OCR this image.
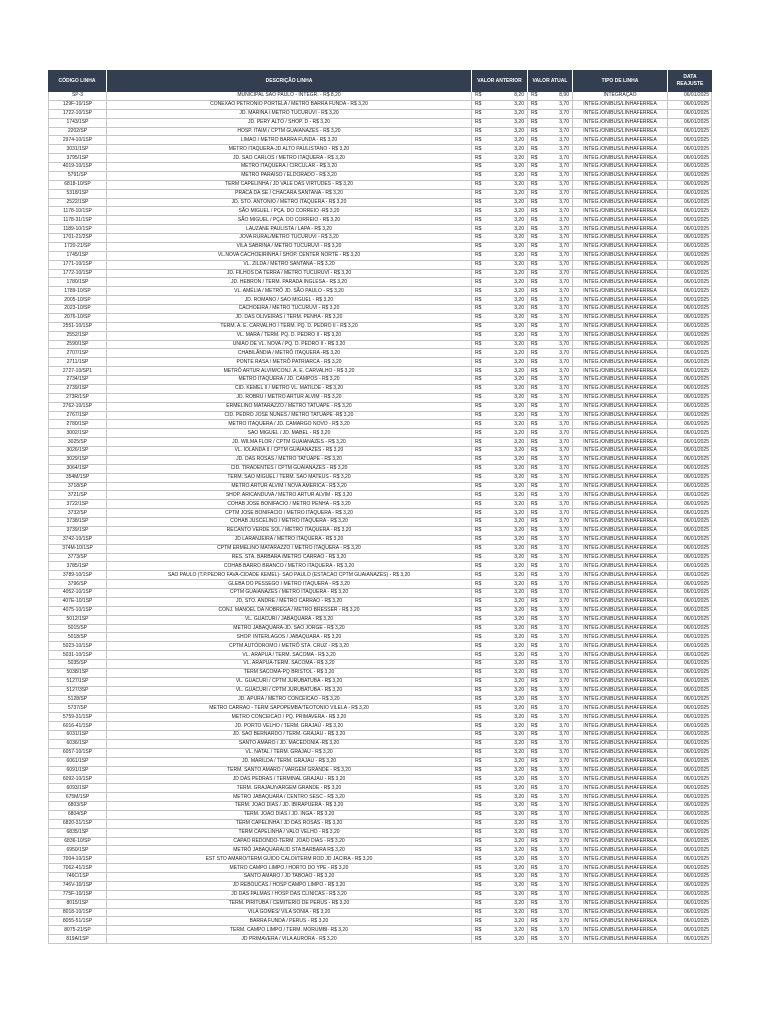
CÓDIGO LINHA	DESCRIÇÃO LINHA	VALOR ANTERIOR	VALOR ATUAL	TIPO DE LINHA
DATA
REAJUSTE
SP-3	MUNICIPAL SÃO PAULO - INTEGR. - R$ 8,20	R$	8,20 R$	8,90	INTEGRAÇÃO	06/01/2025
129F-10/1SP	CONEXAO PETRONIO PORTELA / METRO BARRA FUNDA - R$ 3,20	R$	3,20 R$	3,70	INTEG./ONIBUS/LINHAFERREA	06/01/2025
1722-10/1SP	JD. MARINA / METRÔ TUCURUVI - R$ 3,20	R$	3,20 R$	3,70	INTEG./ONIBUS/LINHAFERREA	06/01/2025
1743/1SP	JD. PERY ALTO / SHOP. D - R$ 3,20	R$	3,20 R$	3,70	INTEG./ONIBUS/LINHAFERREA	06/01/2025
2202/SP	HOSP. ITAIM / CPTM GUAIANAZES - R$ 3,20	R$	3,20 R$	3,70	INTEG./ONIBUS/LINHAFERREA	06/01/2025
2974-10/1SP	LIMAO / METRO BARRA FUNDA - R$ 3,20	R$	3,20 R$	3,70	INTEG./ONIBUS/LINHAFERREA	06/01/2025
3031/1SP	METRO ITAQUERA-JD ALTO PAULISTANO - R$ 3,20	R$	3,20 R$	3,70	INTEG./ONIBUS/LINHAFERREA	06/01/2025
3795/1SP	JD. SAO CARLOS / METRO ITAQUERA - R$ 3,20	R$	3,20 R$	3,70	INTEG./ONIBUS/LINHAFERREA	06/01/2025
4019-10/1SP	METRÔ ITAQUERA / CIRCULAR - R$ 3,20	R$	3,20 R$	3,70	INTEG./ONIBUS/LINHAFERREA	06/01/2025
5791/SP	METRO PARAISO / ELDORADO - R$ 3,20	R$	3,20 R$	3,70	INTEG./ONIBUS/LINHAFERREA	06/01/2025
6818-10/SP	TERM CAPELINHA / JD VALE DAS VIRTUDES - R$ 3,20	R$	3,20 R$	3,70	INTEG./ONIBUS/LINHAFERREA	06/01/2025
5318/1SP	PRACA DA SE / CHACARA SANTANA - R$ 3,20	R$	3,20 R$	3,70	INTEG./ONIBUS/LINHAFERREA	06/01/2025
2522/1SP	JD. STO. ANTONIO / METRO ITAQUERA - R$ 3,20	R$	3,20 R$	3,70	INTEG./ONIBUS/LINHAFERREA	06/01/2025
1178-10/1SP	SÃO MIGUEL / PÇA. DO CORREIO -R$ 3,20	R$	3,20 R$	3,70	INTEG./ONIBUS/LINHAFERREA	06/01/2025
1178-31/1SP	SÃO MIGUEL / PÇA. DO CORREIO - R$ 3,20	R$	3,20 R$	3,70	INTEG./ONIBUS/LINHAFERREA	06/01/2025
1189-10/1SP	LAUZANE PAULISTA / LAPA - R$ 3,20	R$	3,20 R$	3,70	INTEG./ONIBUS/LINHAFERREA	06/01/2025
1701-21/2SP	JOVA RURAL/METRO TUCURUVI - R$ 3,20	R$	3,20 R$	3,70	INTEG./ONIBUS/LINHAFERREA	06/01/2025
1720-21/SP	VILA SABRINA / METRÔ TUCURUVI - R$ 3,20	R$	3,20 R$	3,70	INTEG./ONIBUS/LINHAFERREA	06/01/2025
1745/1SP	VL.NOVA CACHOEIRINHA / SHOP. CENTER NORTE - R$ 3,20	R$	3,20 R$	3,70	INTEG./ONIBUS/LINHAFERREA	06/01/2025
1771-10/1SP	VL. ZILDA / METRO SANTANA - R$ 3,20	R$	3,20 R$	3,70	INTEG./ONIBUS/LINHAFERREA	06/01/2025
1772-10/1SP	JD. FILHOS DA TERRA / METRÔ TUCURUVI - R$ 3,20	R$	3,20 R$	3,70	INTEG./ONIBUS/LINHAFERREA	06/01/2025
1780/1SP	JD. HEBRON / TERM. PARADA INGLESA - R$ 3,20	R$	3,20 R$	3,70	INTEG./ONIBUS/LINHAFERREA	06/01/2025
1789-10/SP	VL. AMÉLIA / METRÔ JD. SÃO PAULO - R$ 3,20	R$	3,20 R$	3,70	INTEG./ONIBUS/LINHAFERREA	06/01/2025
2005-10/SP	JD. ROMANO / SAO MIGUEL - R$ 3,20	R$	3,20 R$	3,70	INTEG./ONIBUS/LINHAFERREA	06/01/2025
2023-10/SP	CACHOEIRA / METRÔ TUCURUVI - R$ 3,20	R$	3,20 R$	3,70	INTEG./ONIBUS/LINHAFERREA	06/01/2025
2076-10/SP	JD. DAS OLIVEIRAS / TERM. PENHA - R$ 3,20	R$	3,20 R$	3,70	INTEG./ONIBUS/LINHAFERREA	06/01/2025
2551-10/1SP	TERM. A. E. CARVALHO / TERM. PQ. D. PEDRO II - R$ 3,20	R$	3,20 R$	3,70	INTEG./ONIBUS/LINHAFERREA	06/01/2025
2552/1SP	VL. MARA / TERM. PQ. D. PEDRO II - R$ 3,20	R$	3,20 R$	3,70	INTEG./ONIBUS/LINHAFERREA	06/01/2025
2590/1SP	UNIAO DE VL. NOVA / PQ. D. PEDRO II - R$ 3,20	R$	3,20 R$	3,70	INTEG./ONIBUS/LINHAFERREA	06/01/2025
2707/1SP	CHABILÂNDIA / METRÔ ITAQUERA -R$ 3,20	R$	3,20 R$	3,70	INTEG./ONIBUS/LINHAFERREA	06/01/2025
2711/1SP	PONTE RASA / METRÔ PATRIARCA - R$ 3,20	R$	3,20 R$	3,70	INTEG./ONIBUS/LINHAFERREA	06/01/2025
2727-10/SP1	METRÔ ARTUR ALVIM/CONJ. A. E. CARVALHO - R$ 3,20	R$	3,20 R$	3,70	INTEG./ONIBUS/LINHAFERREA	06/01/2025
2734/1SP	METRO ITAQUERA / JD. CAMPOS - R$ 3,20	R$	3,20 R$	3,70	INTEG./ONIBUS/LINHAFERREA	06/01/2025
2739/1SP	CID. KEMEL II / METRO VL. MATILDE - R$ 3,20	R$	3,20 R$	3,70	INTEG./ONIBUS/LINHAFERREA	06/01/2025
273R/1SP	JD. ROBRU / METRÔ ARTUR ALVIM - R$ 3,20	R$	3,20 R$	3,70	INTEG./ONIBUS/LINHAFERREA	06/01/2025
2762-10/1SP	ERMELINO MATARAZZO / METRO TATUAPE - R$ 3,20	R$	3,20 R$	3,70	INTEG./ONIBUS/LINHAFERREA	06/01/2025
2767/1SP	CID. PEDRO JOSÉ NUNES / METRÔ TATUAPÉ -R$ 3,20	R$	3,20 R$	3,70	INTEG./ONIBUS/LINHAFERREA	06/01/2025
2780/1SP	METRO ITAQUERA / JD. CAMARGO NOVO - R$ 3,20	R$	3,20 R$	3,70	INTEG./ONIBUS/LINHAFERREA	06/01/2025
3002/1SP	SAO MIGUEL / JD. MABEL - R$ 3,20	R$	3,20 R$	3,70	INTEG./ONIBUS/LINHAFERREA	06/01/2025
3025/SP	JD. WILMA FLOR / CPTM GUAIANAZES - R$ 3,20	R$	3,20 R$	3,70	INTEG./ONIBUS/LINHAFERREA	06/01/2025
3026/1SP	VL. IOLANDA II / CPTM GUAIANAZES - R$ 3,20	R$	3,20 R$	3,70	INTEG./ONIBUS/LINHAFERREA	06/01/2025
3029/1SP	JD. DAS ROSAS / METRO TATUAPE - R$ 3,20	R$	3,20 R$	3,70	INTEG./ONIBUS/LINHAFERREA	06/01/2025
3064/1SP	CID. TIRADENTES / CPTM GUAIANAZES - R$ 3,20	R$	3,20 R$	3,70	INTEG./ONIBUS/LINHAFERREA	06/01/2025
354M/1SP	TERM. SAO MIGUEL / TERM. SAO MATEUS - R$ 3,20	R$	3,20 R$	3,70	INTEG./ONIBUS/LINHAFERREA	06/01/2025
3718/SP	METRÔ ARTUR ALVIM / NOVA AMERICA - R$ 3,20	R$	3,20 R$	3,70	INTEG./ONIBUS/LINHAFERREA	06/01/2025
3721/SP	SHOP. ARICANDUVA / METRO ARTUR ALVIM - R$ 3,20	R$	3,20 R$	3,70	INTEG./ONIBUS/LINHAFERREA	06/01/2025
3722/1SP	COHAB JOSE BONIFACIO / METRO PENHA - R$ 3,20	R$	3,20 R$	3,70	INTEG./ONIBUS/LINHAFERREA	06/01/2025
3732/SP	CPTM JOSE BONIFACIO / METRO ITAQUERA - R$ 3,20	R$	3,20 R$	3,70	INTEG./ONIBUS/LINHAFERREA	06/01/2025
3738/1SP	COHAB JUSCELINO / METRO ITAQUERA - R$ 3,20	R$	3,20 R$	3,70	INTEG./ONIBUS/LINHAFERREA	06/01/2025
3739/1SP	RECANTO VERDE SOL / METRO ITAQUERA - R$ 3,20	R$	3,20 R$	3,70	INTEG./ONIBUS/LINHAFERREA	06/01/2025
3742-10/1SP	JD LARANJEIRA / METRO ITAQUERA - R$ 3,20	R$	3,20 R$	3,70	INTEG./ONIBUS/LINHAFERREA	06/01/2025
374M-10/1SP	CPTM ERMELINO MATARAZZO / METRO ITAQUERA - R$ 3,20	R$	3,20 R$	3,70	INTEG./ONIBUS/LINHAFERREA	06/01/2025
3773/SP	RES. STA. BÁRBARA /METRÔ CARRÃO - R$ 3,20	R$	3,20 R$	3,70	INTEG./ONIBUS/LINHAFERREA	06/01/2025
3785/1SP	COHAB BARRO BRANCO / METRO ITAQUERA - R$ 3,20	R$	3,20 R$	3,70	INTEG./ONIBUS/LINHAFERREA	06/01/2025
3789-10/1SP	SAO PAULO (T.P.PEDRO FAVA-CIDADE KEMEL)- SAO PAULO (ESTACAO CPTM GUAIANAZES) - R$ 3,20	R$	3,20 R$	3,70	INTEG./ONIBUS/LINHAFERREA	06/01/2025
3796/SP	GLEBA DO PESSEGO / METRO ITAQUERA - R$ 3,20	R$	3,20 R$	3,70	INTEG./ONIBUS/LINHAFERREA	06/01/2025
4052-10/1SP	CPTM GUAIANAZES / METRÔ ITAQUERA - R$ 3,20	R$	3,20 R$	3,70	INTEG./ONIBUS/LINHAFERREA	06/01/2025
407E-10/1SP	JD. STO. ANDRE / METRO CARRAO - R$ 3,20	R$	3,20 R$	3,70	INTEG./ONIBUS/LINHAFERREA	06/01/2025
4075-10/1SP	CONJ. MANOEL DA NOBREGA / METRO BRESSER - R$ 3,20	R$	3,20 R$	3,70	INTEG./ONIBUS/LINHAFERREA	06/01/2025
5012/1SP	VL. GUACURI / JABAQUARA - R$ 3,20	R$	3,20 R$	3,70	INTEG./ONIBUS/LINHAFERREA	06/01/2025
5015/SP	METRO JABAQUARA-JD. SAO JORGE - R$ 3,20	R$	3,20 R$	3,70	INTEG./ONIBUS/LINHAFERREA	06/01/2025
5018/SP	SHOP. INTERLAGOS / JABAQUARA - R$ 3,20	R$	3,20 R$	3,70	INTEG./ONIBUS/LINHAFERREA	06/01/2025
5023-10/1SP	CPTM AUTÓDROMO / METRÔ STA. CRUZ - R$ 3,20	R$	3,20 R$	3,70	INTEG./ONIBUS/LINHAFERREA	06/01/2025
5031-10/1SP	VL. ARAPUA / TERM. SACOMA - R$ 3,20	R$	3,20 R$	3,70	INTEG./ONIBUS/LINHAFERREA	06/01/2025
5035/SP	VL. ARAPUA-TERM. SACOMA - R$ 3,20	R$	3,20 R$	3,70	INTEG./ONIBUS/LINHAFERREA	06/01/2025
5038/1SP	TERM SACOMA-PQ BRISTOL - R$ 3,20	R$	3,20 R$	3,70	INTEG./ONIBUS/LINHAFERREA	06/01/2025
5127/1SP	VL. GUACURI / CPTM JURUBATUBA - R$ 3,20	R$	3,20 R$	3,70	INTEG./ONIBUS/LINHAFERREA	06/01/2025
5127/3SP	VL. GUACURI / CPTM JURUBATUBA - R$ 3,20	R$	3,20 R$	3,70	INTEG./ONIBUS/LINHAFERREA	06/01/2025
5128/SP	JD. APURA / METRO CONCEICAO - R$ 3,20	R$	3,20 R$	3,70	INTEG./ONIBUS/LINHAFERREA	06/01/2025
5737/SP	METRO CARRAO - TERM SAPOPEMBA/TEOTONIO VILELA - R$ 3,20	R$	3,20 R$	3,70	INTEG./ONIBUS/LINHAFERREA	06/01/2025
5759-31/1SP	METRO CONCEICAO / PQ. PRIMAVERA - R$ 3,20	R$	3,20 R$	3,70	INTEG./ONIBUS/LINHAFERREA	06/01/2025
6016-41/1SP	JD. PORTO VELHO / TERM. GRAJAÚ - R$ 3,20	R$	3,20 R$	3,70	INTEG./ONIBUS/LINHAFERREA	06/01/2025
6031/1SP	JD. SÃO BERNARDO / TERM. GRAJAÚ - R$ 3,20	R$	3,20 R$	3,70	INTEG./ONIBUS/LINHAFERREA	06/01/2025
6036/1SP	SANTO AMARO / JD. MACEDONIA -R$ 3,20	R$	3,20 R$	3,70	INTEG./ONIBUS/LINHAFERREA	06/01/2025
6057-10/1SP	VL. NATAL / TERM. GRAJAU - R$ 3,20	R$	3,20 R$	3,70	INTEG./ONIBUS/LINHAFERREA	06/01/2025
6061/1SP	JD. MARILDA / TERM. GRAJAÚ - R$ 3,20	R$	3,20 R$	3,70	INTEG./ONIBUS/LINHAFERREA	06/01/2025
6091/1SP	TERM. SANTO AMARO / VARGEM GRANDE - R$ 3,20	R$	3,20 R$	3,70	INTEG./ONIBUS/LINHAFERREA	06/01/2025
6092-10/1SP	JD DAS PEDRAS / TERMINAL GRAJAU - R$ 3,20	R$	3,20 R$	3,70	INTEG./ONIBUS/LINHAFERREA	06/01/2025
6093/1SP	TERM. GRAJAU/VARGEM GRANDE - R$ 3,20	R$	3,20 R$	3,70	INTEG./ONIBUS/LINHAFERREA	06/01/2025
675M/1SP	METRO JABAQUARA / CENTRO SESC - R$ 3,20	R$	3,20 R$	3,70	INTEG./ONIBUS/LINHAFERREA	06/01/2025
6803/SP	TERM. JOAO DIAS / JD. IBIRAPUERA - R$ 3,20	R$	3,20 R$	3,70	INTEG./ONIBUS/LINHAFERREA	06/01/2025
6804/SP	TERM. JOAO DIAS / JD. INGA - R$ 3,20	R$	3,20 R$	3,70	INTEG./ONIBUS/LINHAFERREA	06/01/2025
6820-31/1SP	TERM CAPELINHA / JD DAS ROSAS - R$ 3,20	R$	3,20 R$	3,70	INTEG./ONIBUS/LINHAFERREA	06/01/2025
6835/1SP	TERM CAPELINHA / VALO VELHO - R$ 3,20	R$	3,20 R$	3,70	INTEG./ONIBUS/LINHAFERREA	06/01/2025
6836-10/SP	CAPAO REDONDO-TERM. JOAO DIAS - R$ 3,20	R$	3,20 R$	3,70	INTEG./ONIBUS/LINHAFERREA	06/01/2025
6950/1SP	METRÔ JABAQUARA/JD STA BARBARA R$ 3,20	R$	3,20 R$	3,70	INTEG./ONIBUS/LINHAFERREA	06/01/2025
7004-10/1SP	EST STO AMARO/TERM GUIDO CALOI/TERM ROD JD JACIRA - R$ 3,20	R$	3,20 R$	3,70	INTEG./ONIBUS/LINHAFERREA	06/01/2025
7062-41/1SP	METRO CAMPO LIMPO / HORTO DO YPE - R$ 3,20	R$	3,20 R$	3,70	INTEG./ONIBUS/LINHAFERREA	06/01/2025
746C/1SP	SANTO AMARO / JD TABOAO - R$ 3,20	R$	3,20 R$	3,70	INTEG./ONIBUS/LINHAFERREA	06/01/2025
746V-10/1SP	JD REBOUCAS / HOSP CAMPO LIMPO - R$ 3,20	R$	3,20 R$	3,70	INTEG./ONIBUS/LINHAFERREA	06/01/2025
775F-10/1SP	JD DAS PALMAS / HOSP DAS CLÍNICAS - R$ 3,20	R$	3,20 R$	3,70	INTEG./ONIBUS/LINHAFERREA	06/01/2025
8015/1SP	TERM. PIRITUBA / CEMITERIO DE PERUS - R$ 3,20	R$	3,20 R$	3,70	INTEG./ONIBUS/LINHAFERREA	06/01/2025
8018-10/1SP	VILA GOMES/ VILA SONIA - R$ 3,20	R$	3,20 R$	3,70	INTEG./ONIBUS/LINHAFERREA	06/01/2025
8055-51/1SP	BARRA FUNDA / PERUS - R$ 3,20	R$	3,20 R$	3,70	INTEG./ONIBUS/LINHAFERREA	06/01/2025
8075-21/SP	TERM. CAMPO LIMPO / TERM. MORUMBI- R$ 3,20	R$	3,20 R$	3,70	INTEG./ONIBUS/LINHAFERREA	06/01/2025
819A/1SP	JD PRIMAVERA / VILA AURORA - R$ 3,20	R$	3,20 R$	3,70	INTEG./ONIBUS/LINHAFERREA	06/01/2025
